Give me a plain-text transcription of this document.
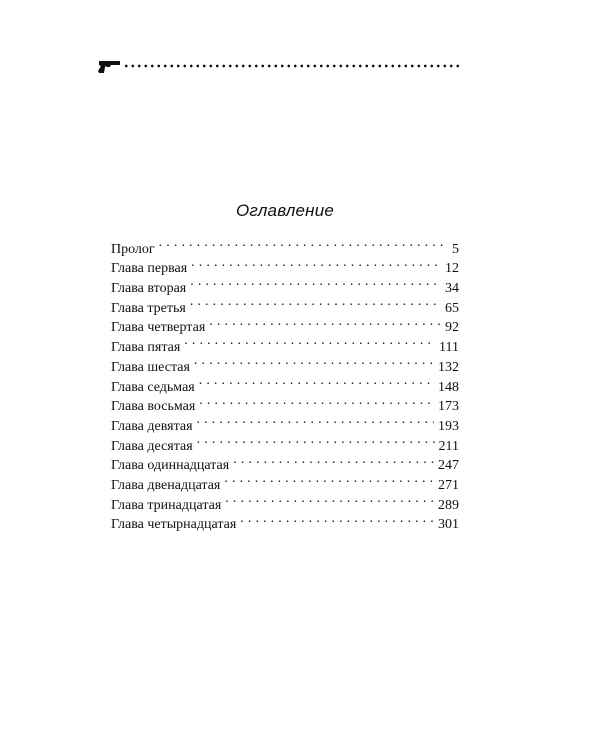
Оглавление
Пролог . . .	5
Глава первая . . .	12
Глава вторая . . .	34
Глава третья . . .	65
Глава четвертая . . .	92
Глава пятая . . .	111
Глава шестая . . .	132
Глава седьмая . . .	148
Глава восьмая . . .	173
Глава девятая . . .	193
Глава десятая . . .	211
Глава одиннадцатая . . .	247
Глава двенадцатая . . .	271
Глава тринадцатая . . .	289
Глава четырнадцатая . . .	301
